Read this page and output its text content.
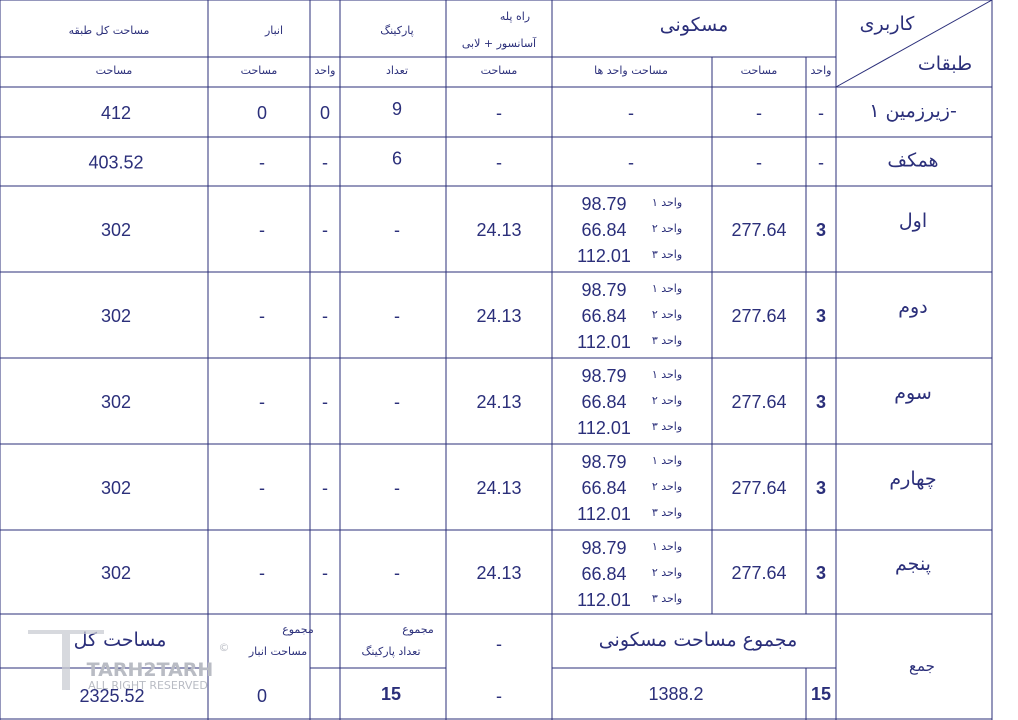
کاربری
طبقات
مسکونی
راه پله
آسانسور + لابی
پارکینگ
انبار
مساحت کل طبقه
واحد
مساحت
مساحت واحد ها
مساحت
تعداد
واحد
مساحت
مساحت
زیرزمین ۱-
-
-
-
-
9
0
0
412
همکف
-
-
-
-
6
-
-
403.52
اول
3
277.64
98.79 واحد ۱
66.84 واحد ۲
112.01 واحد ۳
24.13
-
-
-
302
دوم
3
277.64
98.79 واحد ۱
66.84 واحد ۲
112.01 واحد ۳
24.13
-
-
-
302
سوم
3
277.64
98.79 واحد ۱
66.84 واحد ۲
112.01 واحد ۳
24.13
-
-
-
302
چهارم
3
277.64
98.79 واحد ۱
66.84 واحد ۲
112.01 واحد ۳
24.13
-
-
-
302
پنجم
3
277.64
98.79 واحد ۱
66.84 واحد ۲
112.01 واحد ۳
24.13
-
-
-
302
جمع
مجموع مساحت مسکونی
-
مجموع
تعداد پارکینگ
مجموع
مساحت انبار
مساحت کل
15
1388.2
-
15
0
2325.52
TARH2TARH
ALL RIGHT RESERVED
©
